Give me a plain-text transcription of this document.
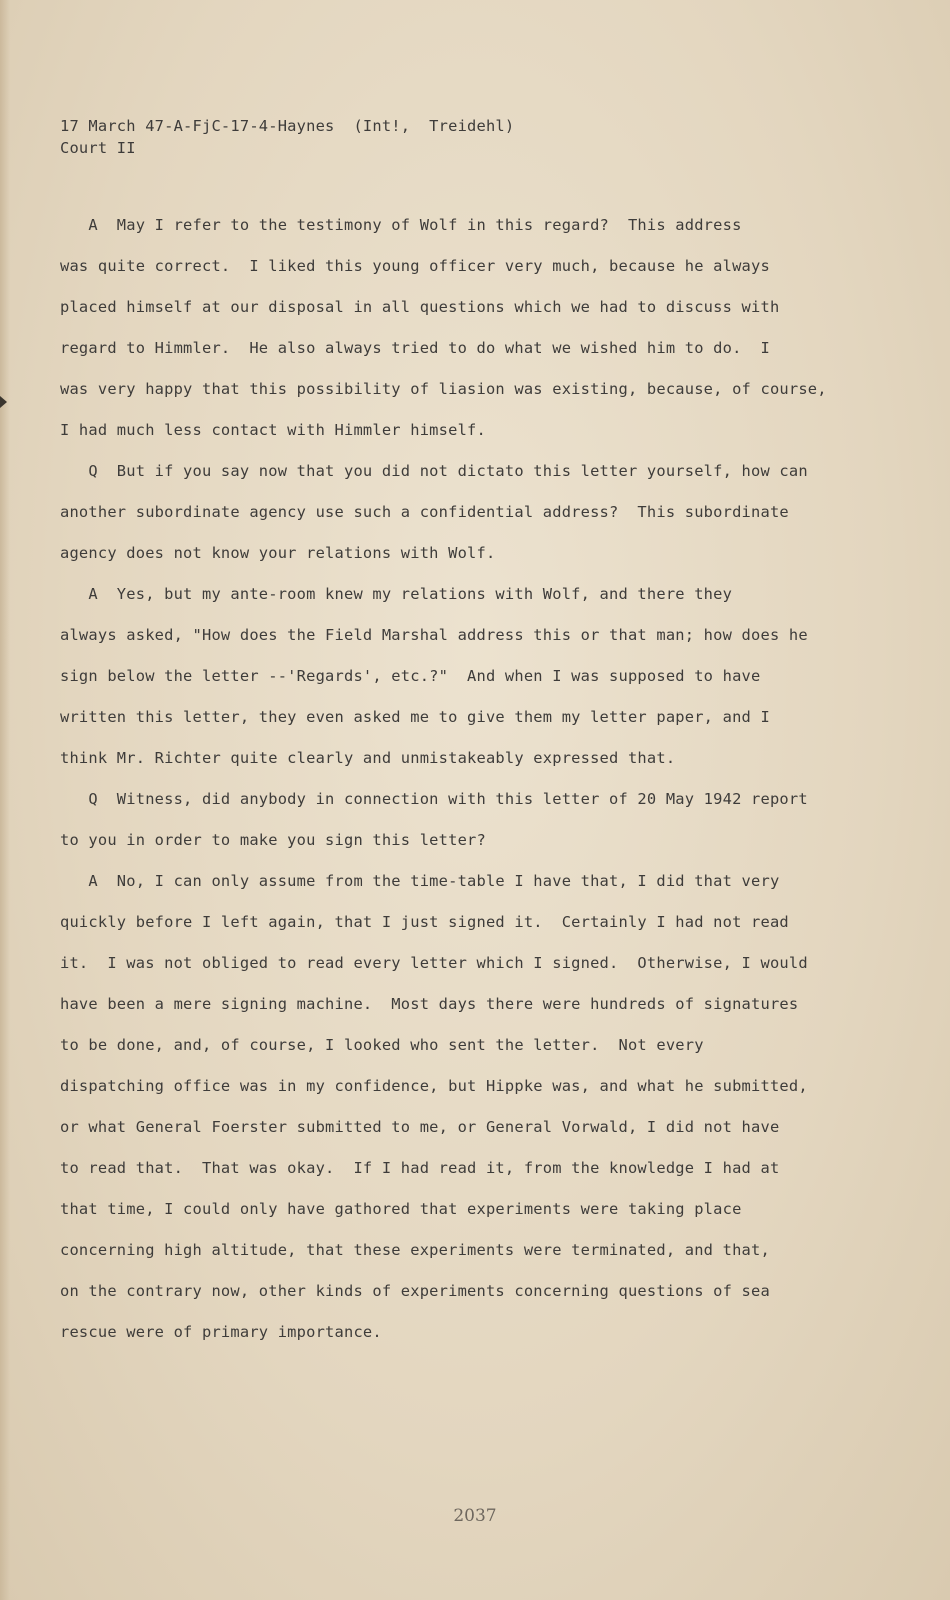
17 March 47-A-FjC-17-4-Haynes  (Int!,  Treidehl)
Court II
A  May I refer to the testimony of Wolf in this regard?  This address
was quite correct.  I liked this young officer very much, because he always
placed himself at our disposal in all questions which we had to discuss with
regard to Himmler.  He also always tried to do what we wished him to do.  I
was very happy that this possibility of liasion was existing, because, of course,
I had much less contact with Himmler himself.
Q  But if you say now that you did not dictato this letter yourself, how can
another subordinate agency use such a confidential address?  This subordinate
agency does not know your relations with Wolf.
A  Yes, but my ante-room knew my relations with Wolf, and there they
always asked, "How does the Field Marshal address this or that man; how does he
sign below the letter --'Regards', etc.?"  And when I was supposed to have
written this letter, they even asked me to give them my letter paper, and I
think Mr. Richter quite clearly and unmistakeably expressed that.
Q  Witness, did anybody in connection with this letter of 20 May 1942 report
to you in order to make you sign this letter?
A  No, I can only assume from the time-table I have that, I did that very
quickly before I left again, that I just signed it.  Certainly I had not read
it.  I was not obliged to read every letter which I signed.  Otherwise, I would
have been a mere signing machine.  Most days there were hundreds of signatures
to be done, and, of course, I looked who sent the letter.  Not every
dispatching office was in my confidence, but Hippke was, and what he submitted,
or what General Foerster submitted to me, or General Vorwald, I did not have
to read that.  That was okay.  If I had read it, from the knowledge I had at
that time, I could only have gathored that experiments were taking place
concerning high altitude, that these experiments were terminated, and that,
on the contrary now, other kinds of experiments concerning questions of sea
rescue were of primary importance.
2037
